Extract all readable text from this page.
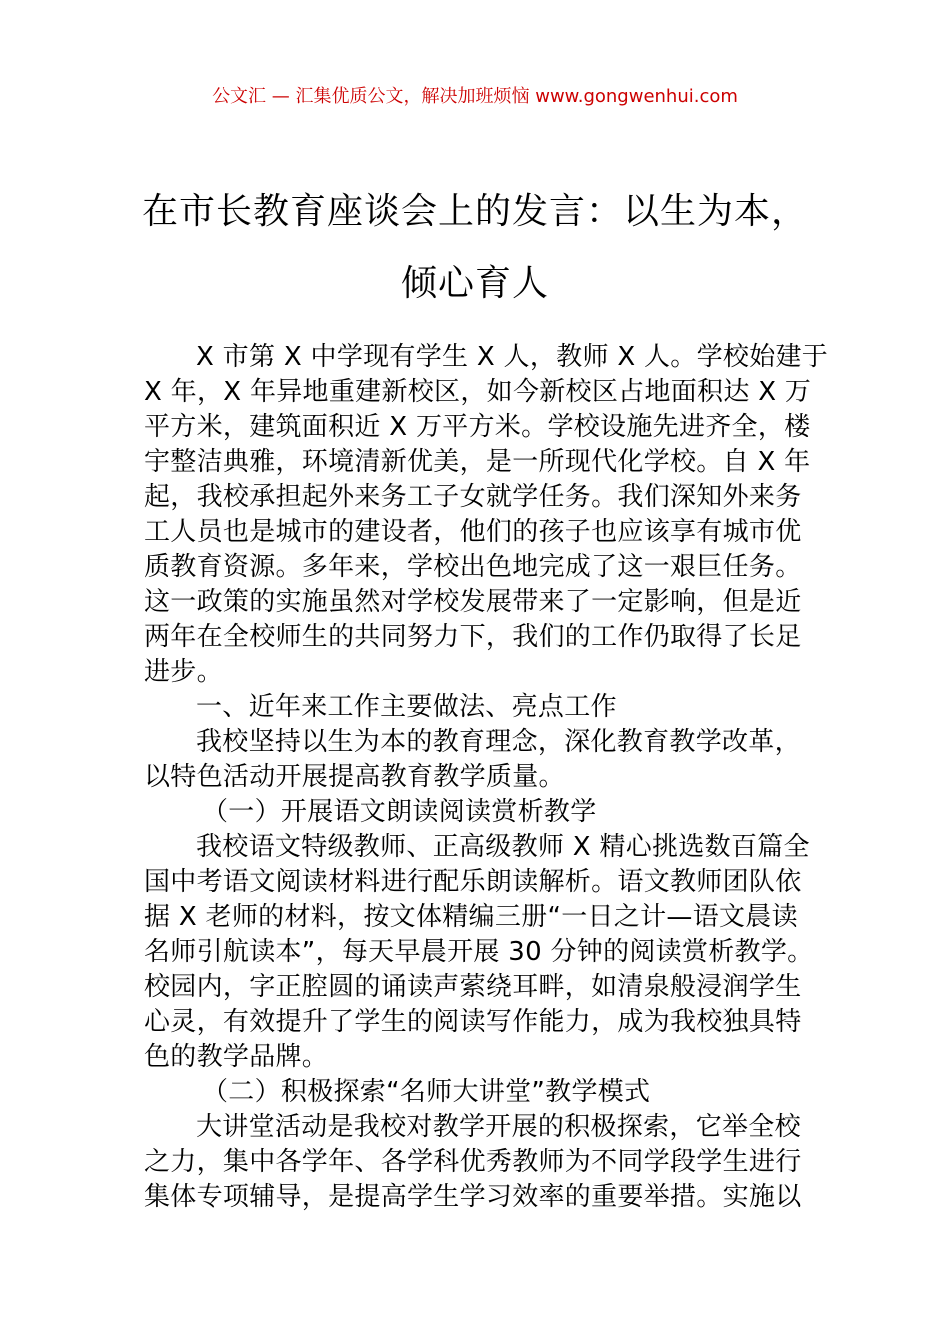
公文汇 — 汇集优质公文，解决加班烦恼 www.gongwenhui.com
在市长教育座谈会上的发言：以生为本，
倾心育人
X 市第 X 中学现有学生 X 人，教师 X 人。学校始建于
X 年，X 年异地重建新校区，如今新校区占地面积达 X 万
平方米，建筑面积近 X 万平方米。学校设施先进齐全，楼
宇整洁典雅，环境清新优美，是一所现代化学校。自 X 年
起，我校承担起外来务工子女就学任务。我们深知外来务
工人员也是城市的建设者，他们的孩子也应该享有城市优
质教育资源。多年来，学校出色地完成了这一艰巨任务。
这一政策的实施虽然对学校发展带来了一定影响，但是近
两年在全校师生的共同努力下，我们的工作仍取得了长足
进步。
一、近年来工作主要做法、亮点工作
我校坚持以生为本的教育理念，深化教育教学改革，
以特色活动开展提高教育教学质量。
（一）开展语文朗读阅读赏析教学
我校语文特级教师、正高级教师 X 精心挑选数百篇全
国中考语文阅读材料进行配乐朗读解析。语文教师团队依
据 X 老师的材料，按文体精编三册“一日之计—语文晨读
名师引航读本”，每天早晨开展 30 分钟的阅读赏析教学。
校园内，字正腔圆的诵读声萦绕耳畔，如清泉般浸润学生
心灵，有效提升了学生的阅读写作能力，成为我校独具特
色的教学品牌。
（二）积极探索“名师大讲堂”教学模式
大讲堂活动是我校对教学开展的积极探索，它举全校
之力，集中各学年、各学科优秀教师为不同学段学生进行
集体专项辅导，是提高学生学习效率的重要举措。实施以
